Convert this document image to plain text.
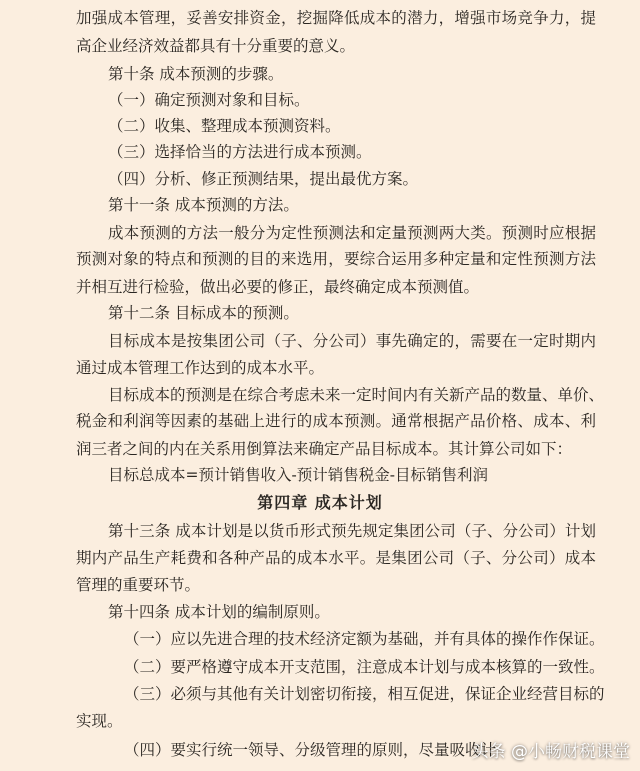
加强成本管理，妥善安排资金，挖掘降低成本的潜力，增强市场竞争力，提
高企业经济效益都具有十分重要的意义。
第十条 成本预测的步骤。
（一）确定预测对象和目标。
（二）收集、整理成本预测资料。
（三）选择恰当的方法进行成本预测。
（四）分析、修正预测结果，提出最优方案。
第十一条 成本预测的方法。
成本预测的方法一般分为定性预测法和定量预测两大类。预测时应根据
预测对象的特点和预测的目的来选用，要综合运用多种定量和定性预测方法
并相互进行检验，做出必要的修正，最终确定成本预测值。
第十二条 目标成本的预测。
目标成本是按集团公司（子、分公司）事先确定的，需要在一定时期内
通过成本管理工作达到的成本水平。
目标成本的预测是在综合考虑未来一定时间内有关新产品的数量、单价、
税金和利润等因素的基础上进行的成本预测。通常根据产品价格、成本、利
润三者之间的内在关系用倒算法来确定产品目标成本。其计算公司如下：
目标总成本=预计销售收入-预计销售税金-目标销售利润
第四章 成本计划
第十三条 成本计划是以货币形式预先规定集团公司（子、分公司）计划
期内产品生产耗费和各种产品的成本水平。是集团公司（子、分公司）成本
管理的重要环节。
第十四条 成本计划的编制原则。
（一）应以先进合理的技术经济定额为基础，并有具体的操作作保证。
（二）要严格遵守成本开支范围，注意成本计划与成本核算的一致性。
（三）必须与其他有关计划密切衔接，相互促进，保证企业经营目标的
实现。
（四）要实行统一领导、分级管理的原则，尽量吸收计
头条 @小畅财税课堂
